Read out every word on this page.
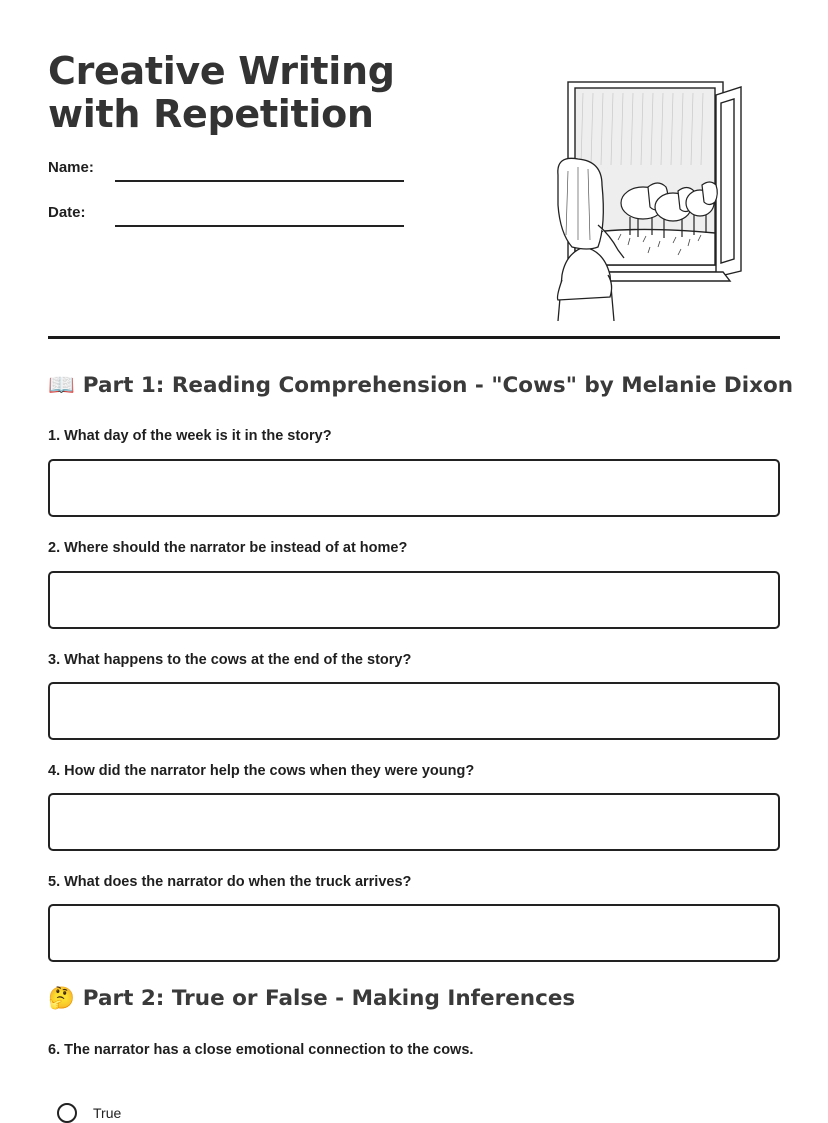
Creative Writing with Repetition
Name:
Date:
📖 Part 1: Reading Comprehension - "Cows" by Melanie Dixon
1. What day of the week is it in the story?
2. Where should the narrator be instead of at home?
3. What happens to the cows at the end of the story?
4. How did the narrator help the cows when they were young?
5. What does the narrator do when the truck arrives?
🤔 Part 2: True or False - Making Inferences
6. The narrator has a close emotional connection to the cows.
True
